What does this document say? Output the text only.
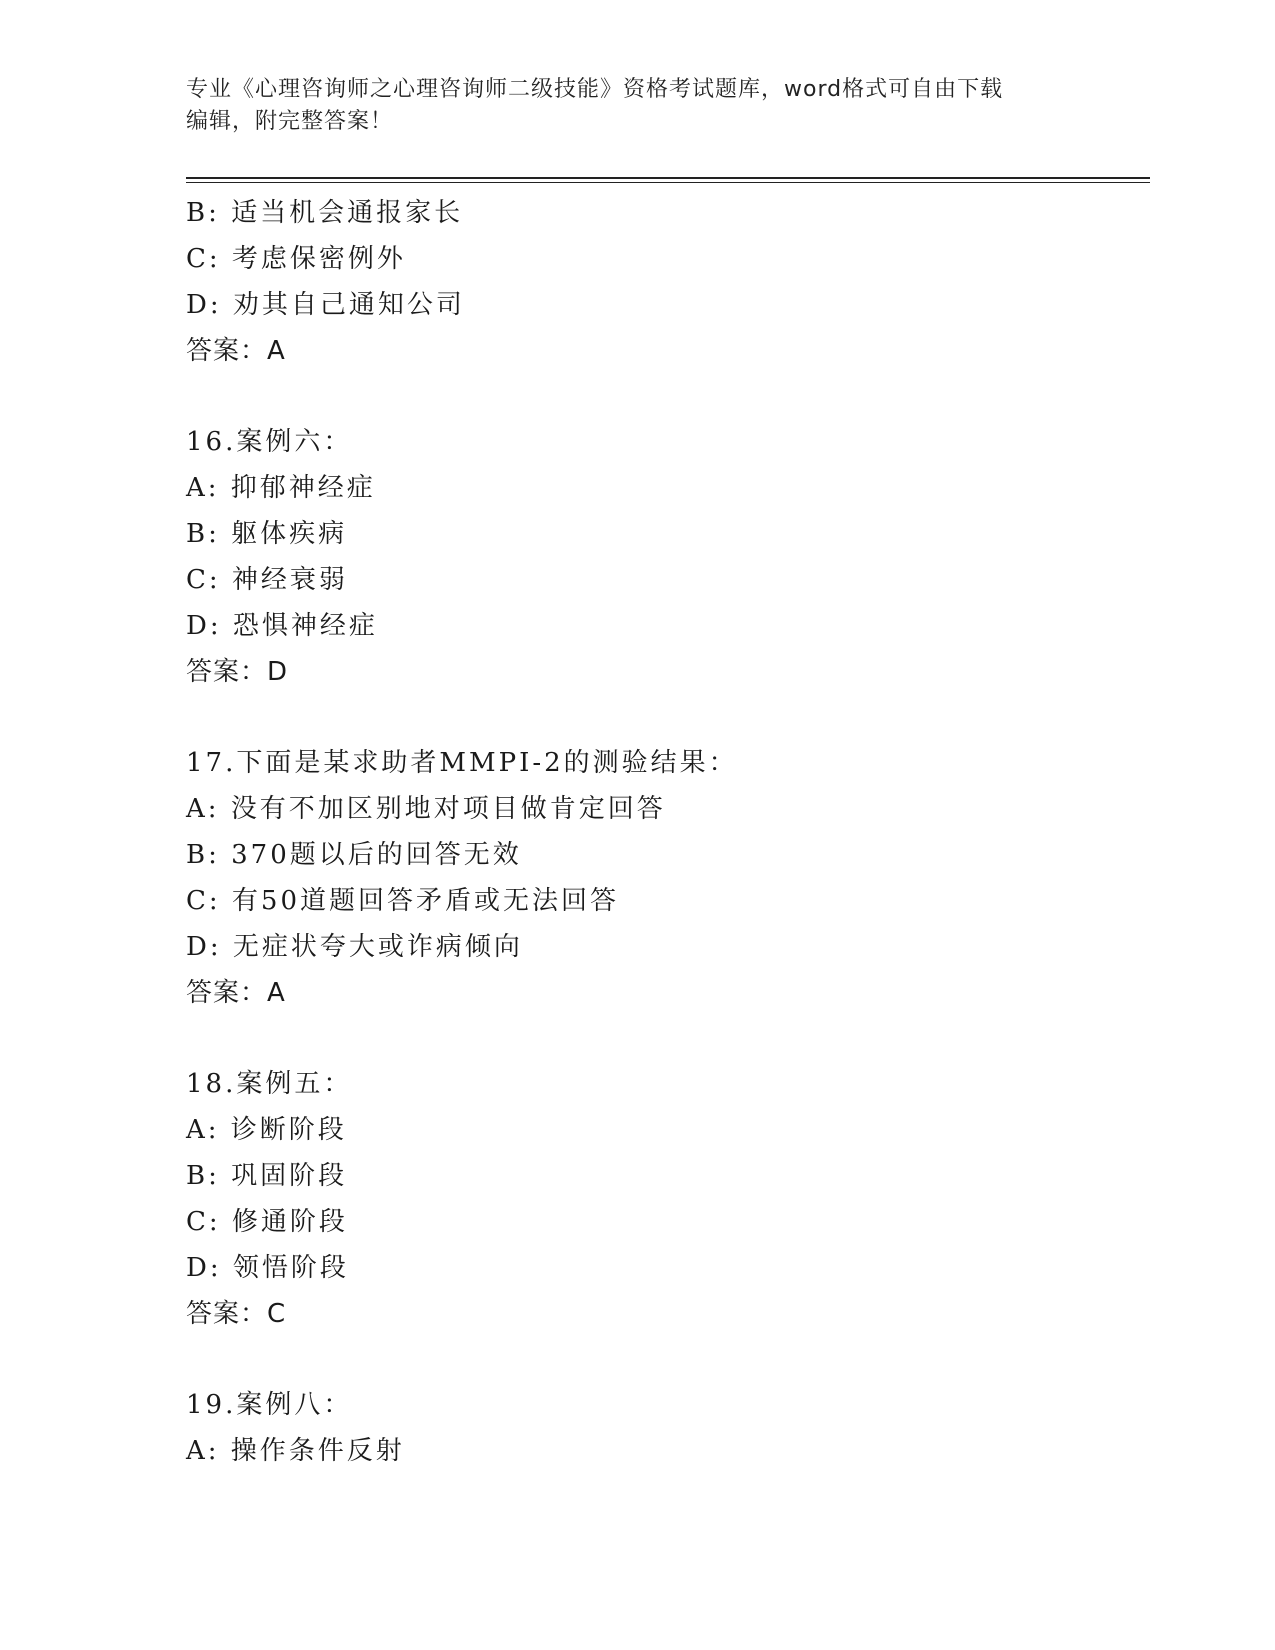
专业《心理咨询师之心理咨询师二级技能》资格考试题库，word格式可自由下载
编辑，附完整答案！
B: 适当机会通报家长
C: 考虑保密例外
D: 劝其自己通知公司
答案：A
16.案例六：
A: 抑郁神经症
B: 躯体疾病
C: 神经衰弱
D: 恐惧神经症
答案：D
17.下面是某求助者MMPI-2的测验结果：
A: 没有不加区别地对项目做肯定回答
B: 370题以后的回答无效
C: 有50道题回答矛盾或无法回答
D: 无症状夸大或诈病倾向
答案：A
18.案例五：
A: 诊断阶段
B: 巩固阶段
C: 修通阶段
D: 领悟阶段
答案：C
19.案例八：
A: 操作条件反射
